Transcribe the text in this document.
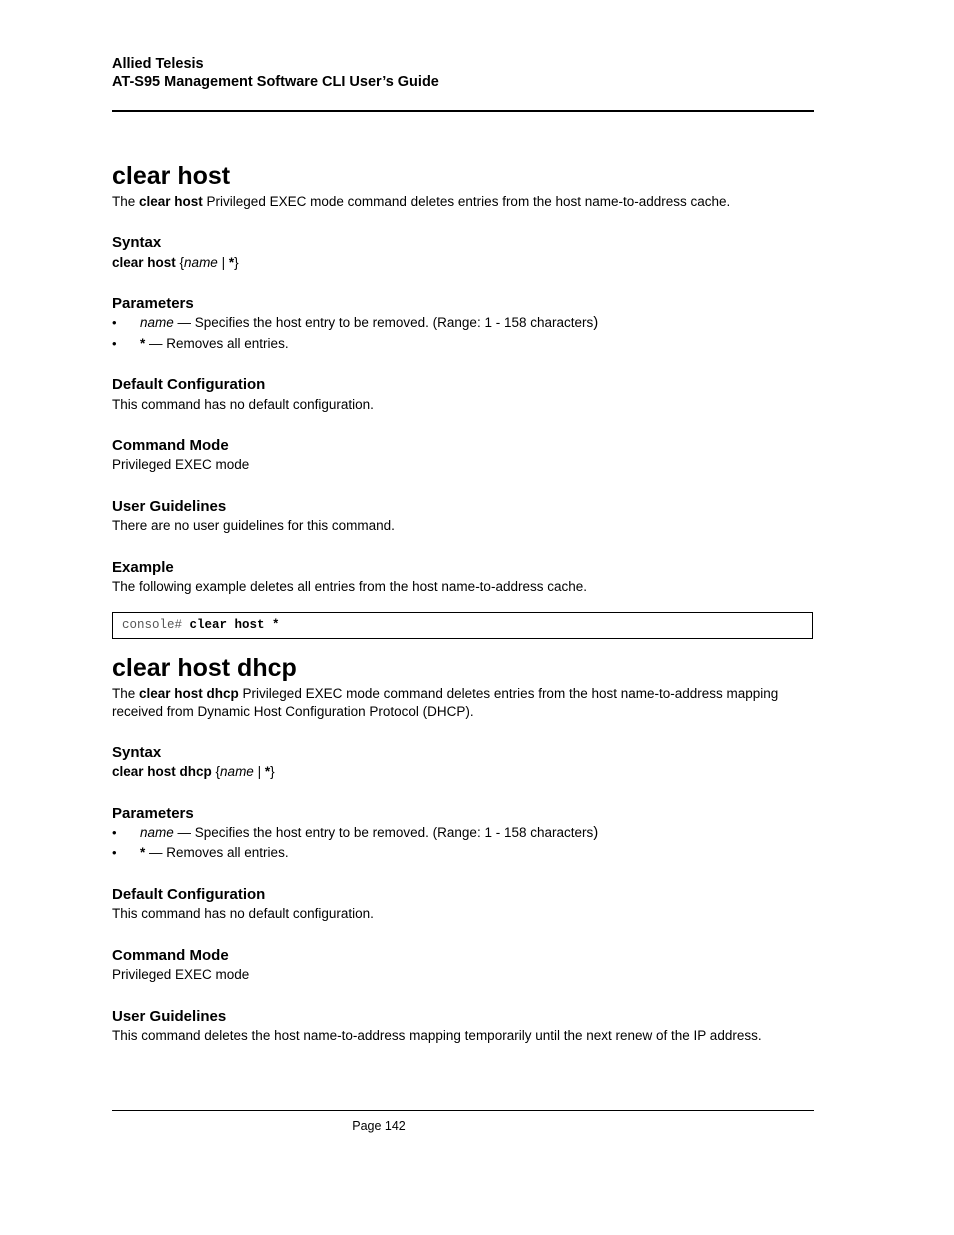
Allied Telesis
AT-S95 Management Software CLI User’s Guide
clear host
The clear host Privileged EXEC mode command deletes entries from the host name-to-address cache.
Syntax
clear host {name | *}
Parameters
• name — Specifies the host entry to be removed. (Range: 1 - 158 characters)
• * — Removes all entries.
Default Configuration
This command has no default configuration.
Command Mode
Privileged EXEC mode
User Guidelines
There are no user guidelines for this command.
Example
The following example deletes all entries from the host name-to-address cache.
console# clear host *
clear host dhcp
The clear host dhcp Privileged EXEC mode command deletes entries from the host name-to-address mapping
received from Dynamic Host Configuration Protocol (DHCP).
Syntax
clear host dhcp {name | *}
Parameters
• name — Specifies the host entry to be removed. (Range: 1 - 158 characters)
• * — Removes all entries.
Default Configuration
This command has no default configuration.
Command Mode
Privileged EXEC mode
User Guidelines
This command deletes the host name-to-address mapping temporarily until the next renew of the IP address.
Page 142
